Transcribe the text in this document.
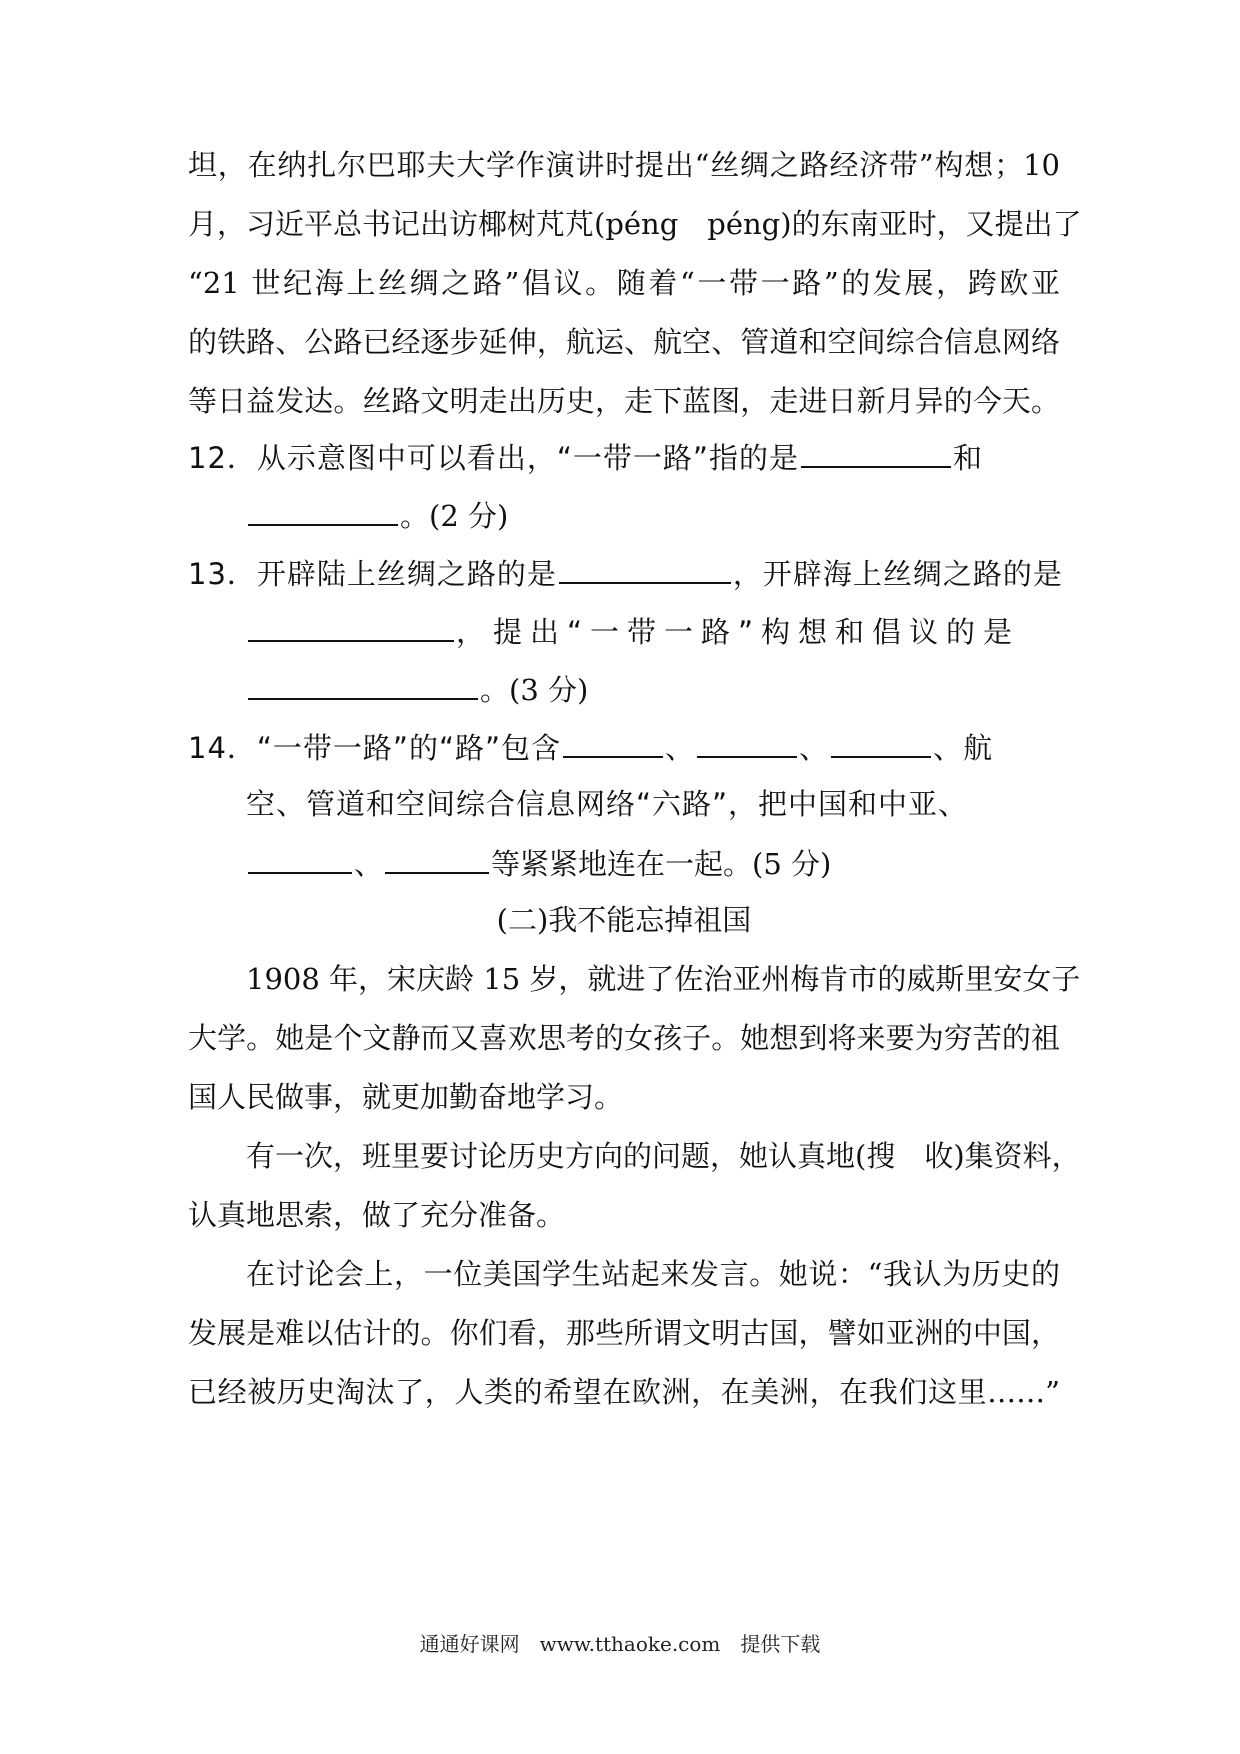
坦，在纳扎尔巴耶夫大学作演讲时提出“丝绸之路经济带”构想；10
月，习近平总书记出访椰树芃芃(péng　péng)的东南亚时，又提出了
“21 世纪海上丝绸之路”倡议。随着“一带一路”的发展，跨欧亚
的铁路、公路已经逐步延伸，航运、航空、管道和空间综合信息网络
等日益发达。丝路文明走出历史，走下蓝图，走进日新月异的今天。
12．从示意图中可以看出，“一带一路”指的是	和
。(2 分)
13．开辟陆上丝绸之路的是	，开辟海上丝绸之路的是
，提出“一带一路”构想和倡议的是
。(3 分)
14．“一带一路”的“路”包含	、	、	、航
空、管道和空间综合信息网络“六路”，把中国和中亚、
、	等紧紧地连在一起。(5 分)
(二)我不能忘掉祖国
1908 年，宋庆龄 15 岁，就进了佐治亚州梅肯市的威斯里安女子
大学。她是个文静而又喜欢思考的女孩子。她想到将来要为穷苦的祖
国人民做事，就更加勤奋地学习。
有一次，班里要讨论历史方向的问题，她认真地(搜　收)集资料，
认真地思索，做了充分准备。
在讨论会上，一位美国学生站起来发言。她说：“我认为历史的
发展是难以估计的。你们看，那些所谓文明古国，譬如亚洲的中国，
已经被历史淘汰了，人类的希望在欧洲，在美洲，在我们这里……”
通通好课网　www.tthaoke.com　提供下载
